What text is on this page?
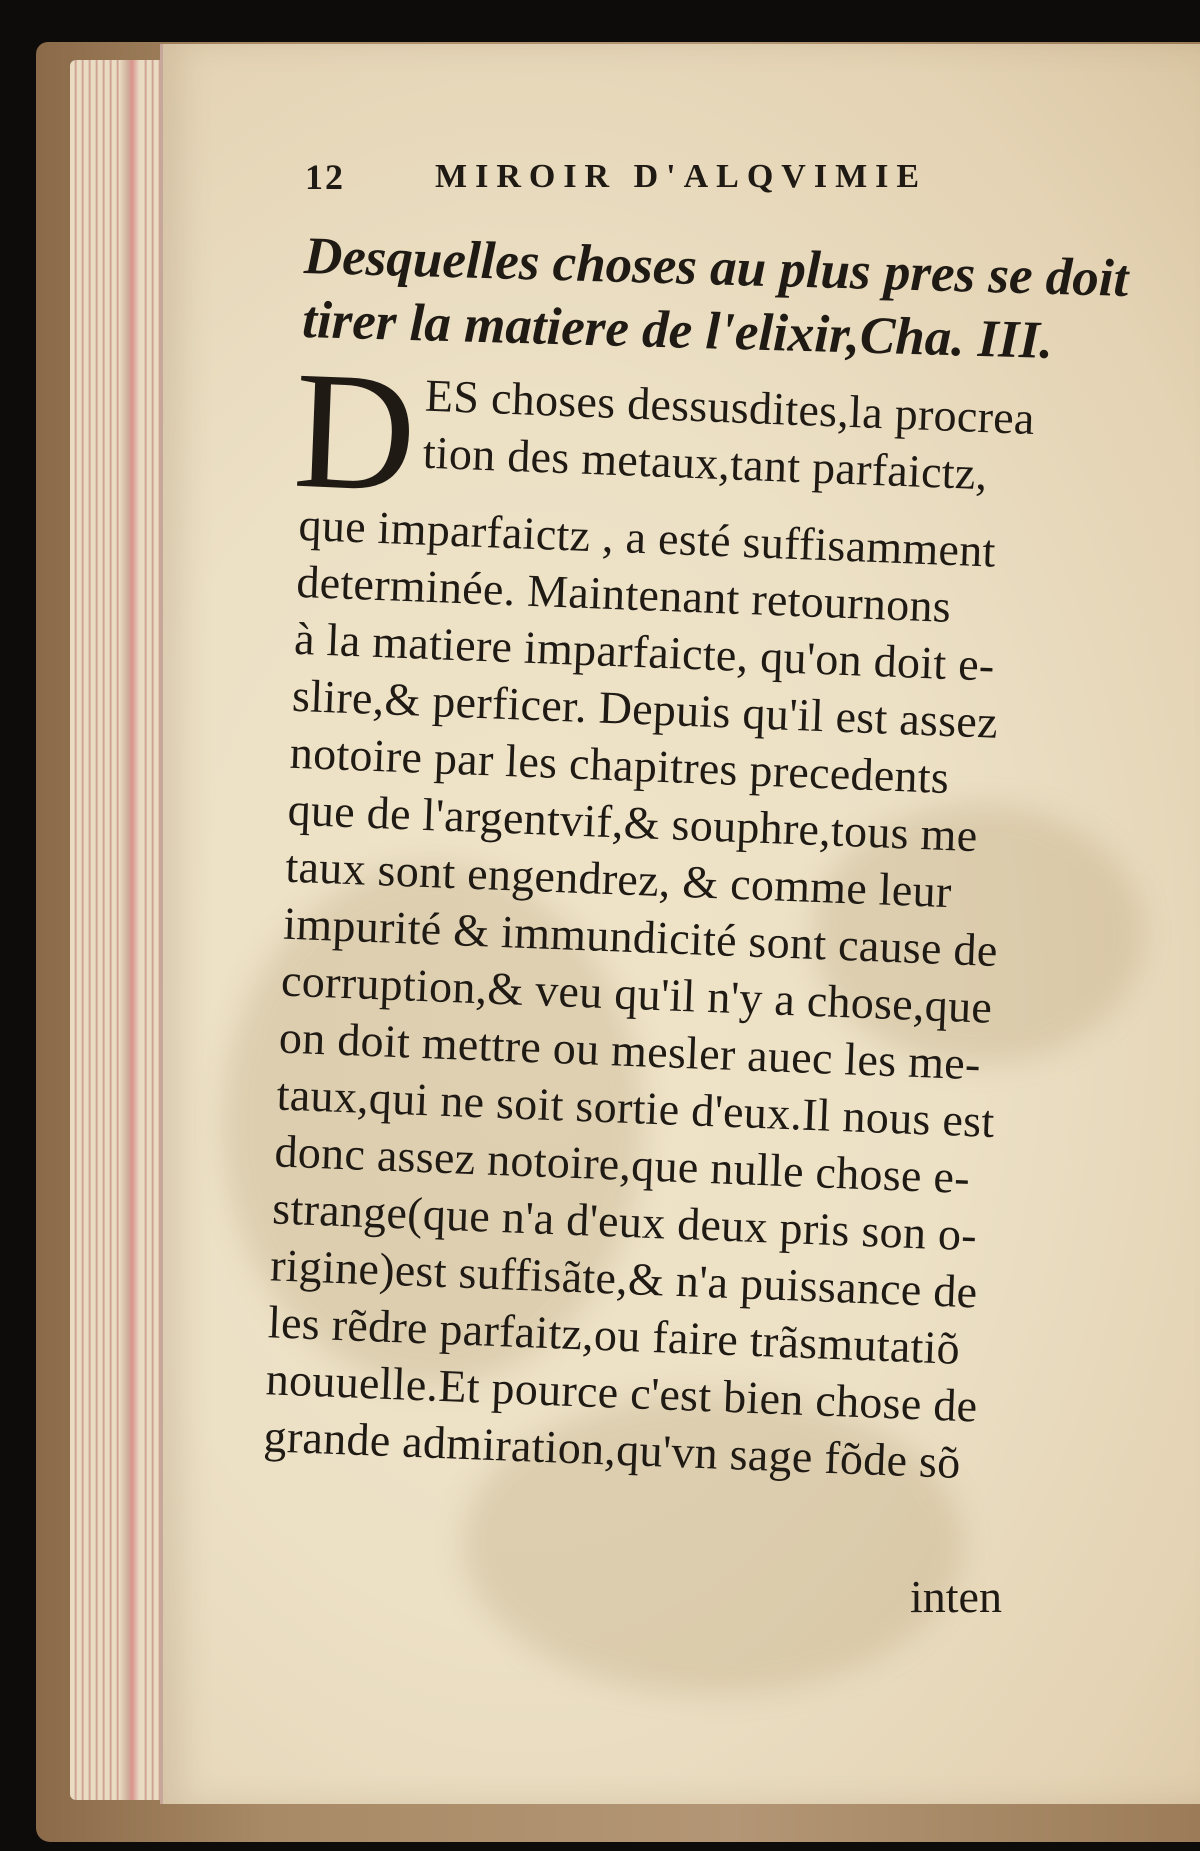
12	MIROIR D'ALQVIMIE
Desquelles choses au plus pres se doit
tirer la matiere de l'elixir,Cha. III.
D ES choses dessusdites,la procrea
tion des metaux,tant parfaictz,
que imparfaictz , a esté suffisamment
determinée. Maintenant retournons
à la matiere imparfaicte, qu'on doit e-
slire,& perficer. Depuis qu'il est assez
notoire par les chapitres precedents
que de l'argentvif,& souphre,tous me
taux sont engendrez, & comme leur
impurité & immundicité sont cause de
corruption,& veu qu'il n'y a chose,que
on doit mettre ou mesler auec les me-
taux,qui ne soit sortie d'eux.Il nous est
donc assez notoire,que nulle chose e-
strange(que n'a d'eux deux pris son o-
rigine)est suffisãte,& n'a puissance de
les rẽdre parfaitz,ou faire trãsmutatiõ
nouuelle.Et pource c'est bien chose de
grande admiration,qu'vn sage fõde sõ
inten
